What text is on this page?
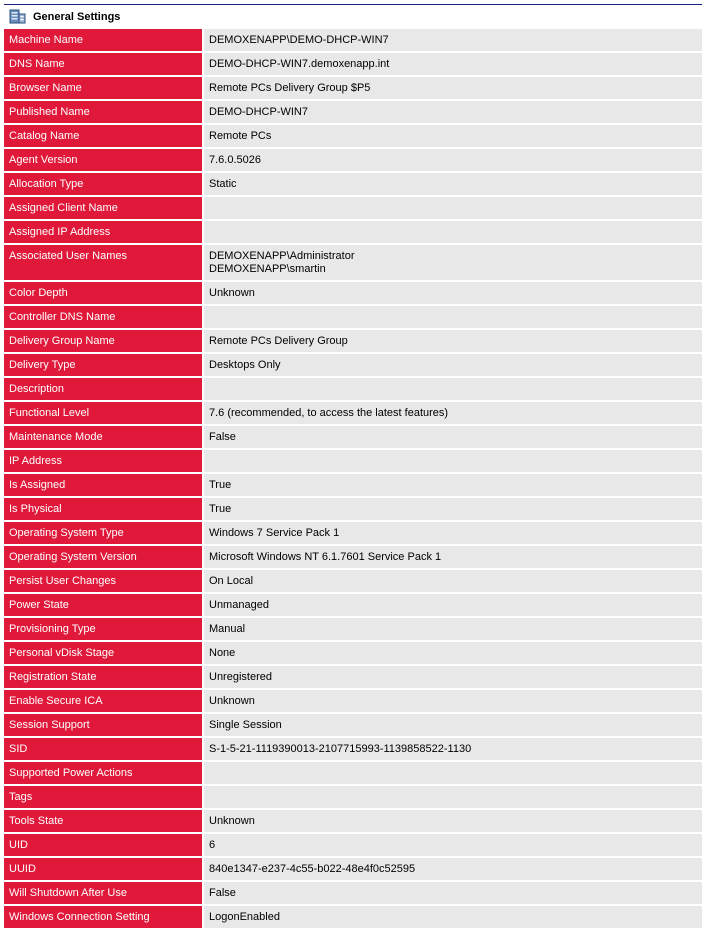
General Settings
Machine Name	DEMOXENAPP\DEMO-DHCP-WIN7
DNS Name	DEMO-DHCP-WIN7.demoxenapp.int
Browser Name	Remote PCs Delivery Group $P5
Published Name	DEMO-DHCP-WIN7
Catalog Name	Remote PCs
Agent Version	7.6.0.5026
Allocation Type	Static
Assigned Client Name

Assigned IP Address

Associated User Names	DEMOXENAPP\Administrator
DEMOXENAPP\smartin
Color Depth	Unknown
Controller DNS Name

Delivery Group Name	Remote PCs Delivery Group
Delivery Type	Desktops Only
Description

Functional Level	7.6 (recommended, to access the latest features)
Maintenance Mode	False
IP Address

Is Assigned	True
Is Physical	True
Operating System Type	Windows 7 Service Pack 1
Operating System Version	Microsoft Windows NT 6.1.7601 Service Pack 1
Persist User Changes	On Local
Power State	Unmanaged
Provisioning Type	Manual
Personal vDisk Stage	None
Registration State	Unregistered
Enable Secure ICA	Unknown
Session Support	Single Session
SID	S-1-5-21-1119390013-2107715993-1139858522-1130
Supported Power Actions

Tags

Tools State	Unknown
UID	6
UUID	840e1347-e237-4c55-b022-48e4f0c52595
Will Shutdown After Use	False
Windows Connection Setting	LogonEnabled
